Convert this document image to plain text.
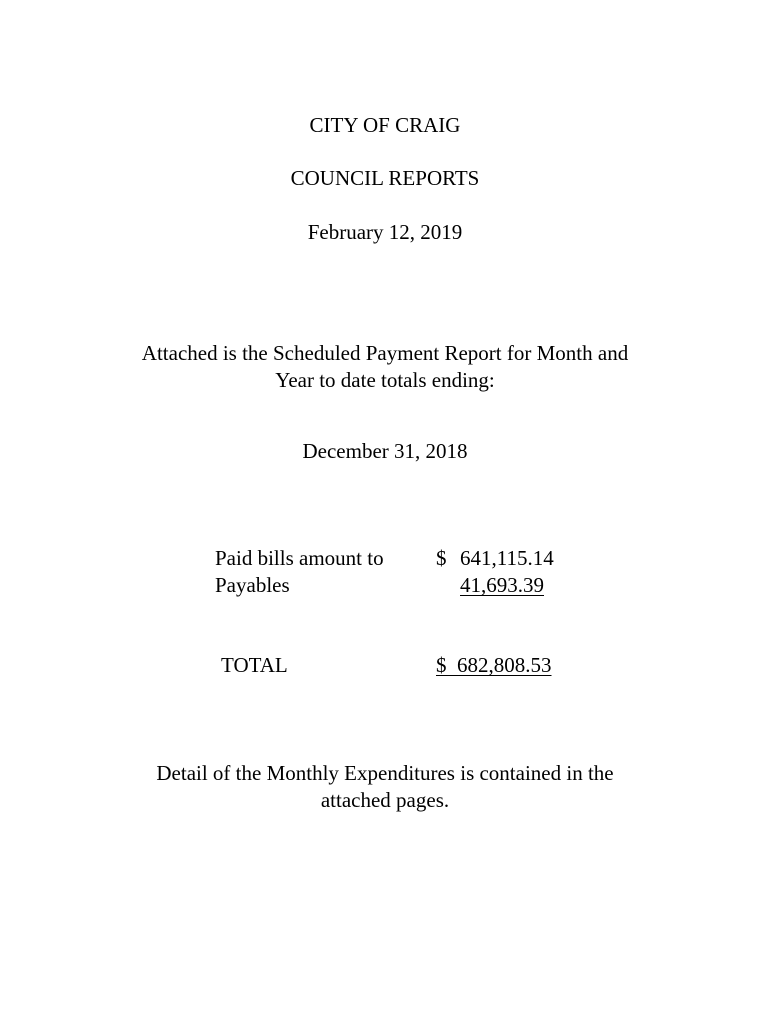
CITY OF CRAIG
COUNCIL REPORTS
February 12, 2019
Attached is the Scheduled Payment Report for Month and
Year to date totals ending:
December 31, 2018
Paid bills amount to $ 641,115.14
Payables	41,693.39
TOTAL	$  682,808.53
Detail of the Monthly Expenditures is contained in the
attached pages.
